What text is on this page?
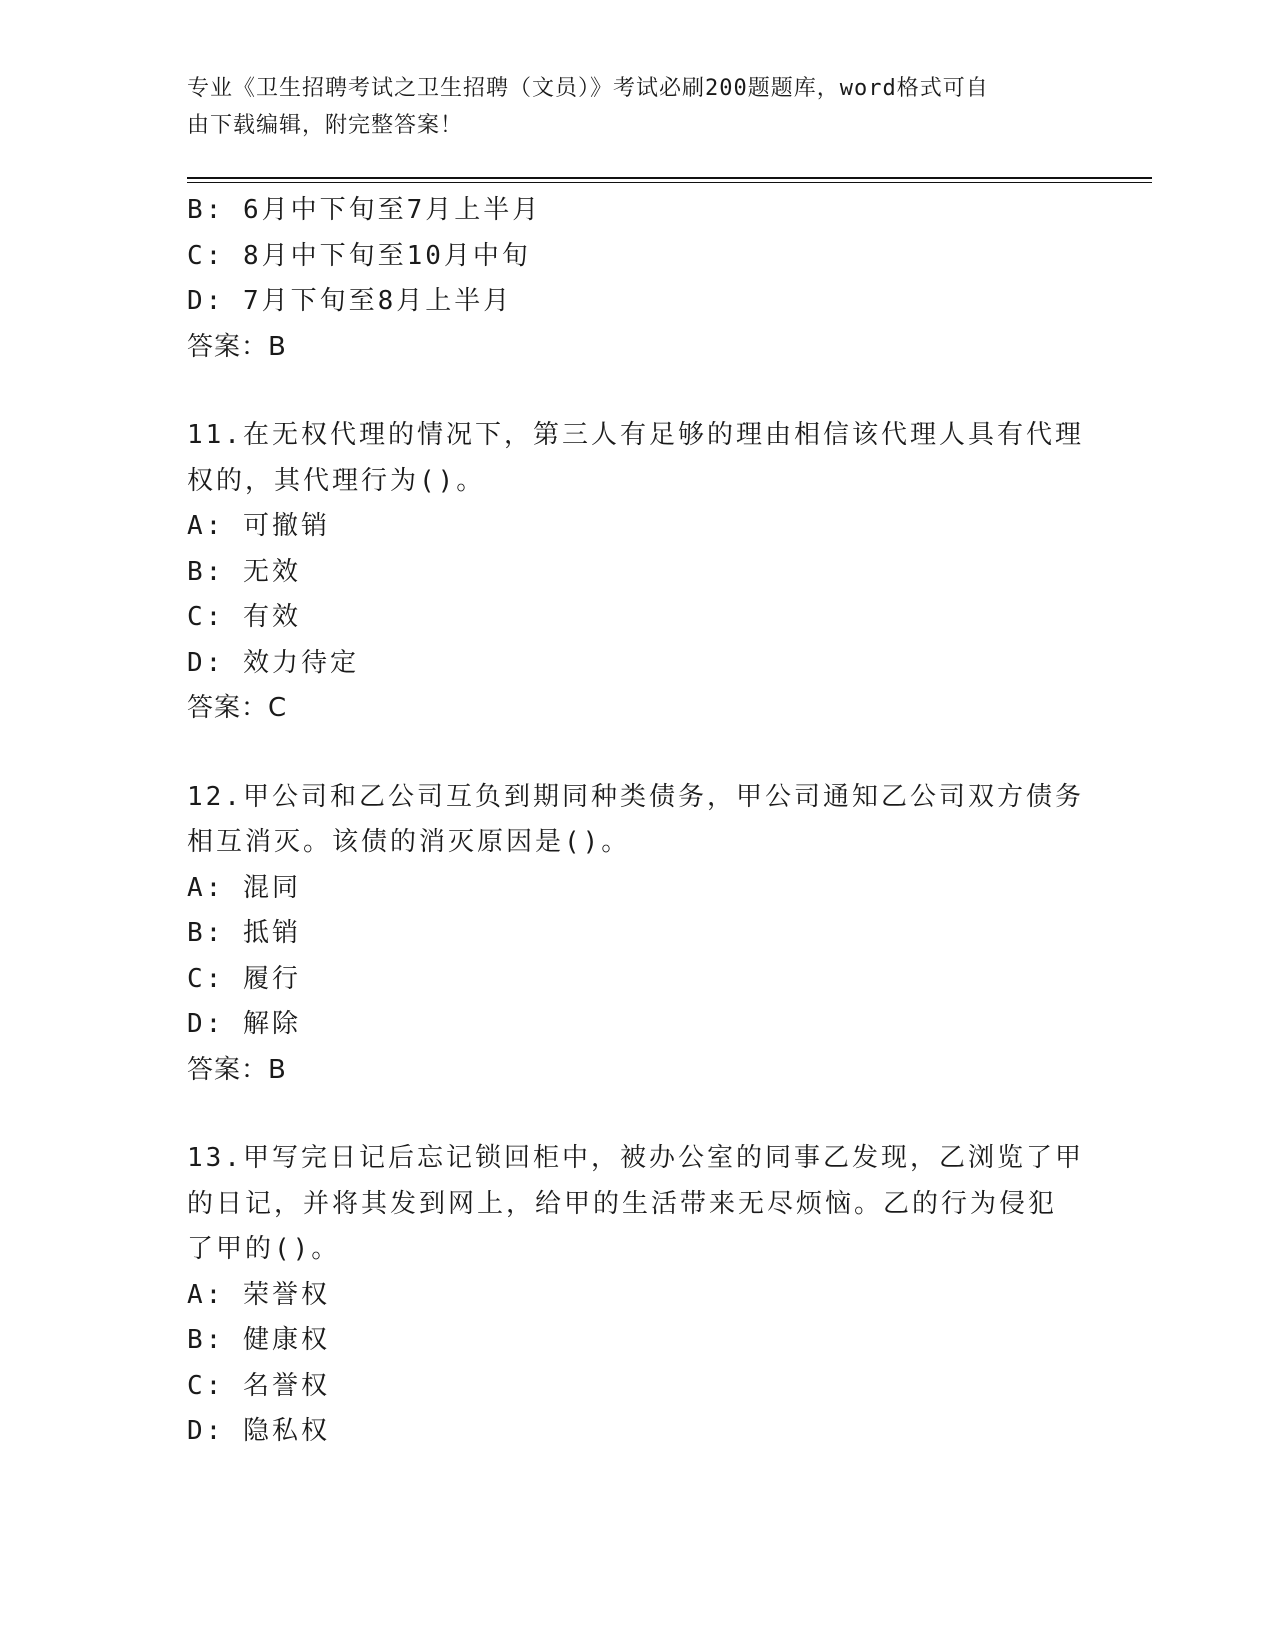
专业《卫生招聘考试之卫生招聘（文员）》考试必刷200题题库，word格式可自
由下载编辑，附完整答案！
B: 6月中下旬至7月上半月
C: 8月中下旬至10月中旬
D: 7月下旬至8月上半月
答案：B
11.在无权代理的情况下，第三人有足够的理由相信该代理人具有代理
权的，其代理行为()。
A: 可撤销
B: 无效
C: 有效
D: 效力待定
答案：C
12.甲公司和乙公司互负到期同种类债务，甲公司通知乙公司双方债务
相互消灭。该债的消灭原因是()。
A: 混同
B: 抵销
C: 履行
D: 解除
答案：B
13.甲写完日记后忘记锁回柜中，被办公室的同事乙发现，乙浏览了甲
的日记，并将其发到网上，给甲的生活带来无尽烦恼。乙的行为侵犯
了甲的()。
A: 荣誉权
B: 健康权
C: 名誉权
D: 隐私权
